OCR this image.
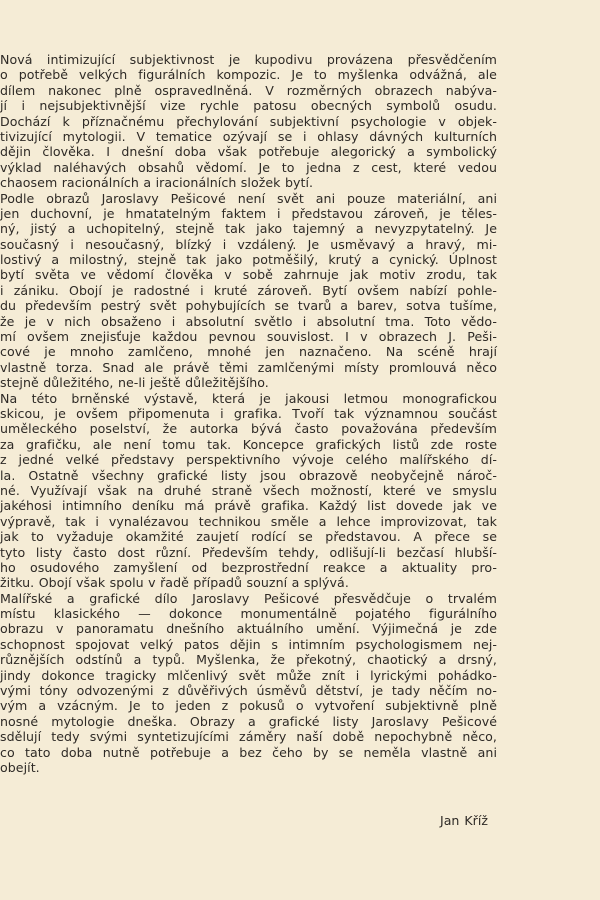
Nová intimizující subjektivnost je kupodivu provázena přesvědčením
o potřebě velkých figurálních kompozic. Je to myšlenka odvážná, ale
dílem nakonec plně ospravedlněná. V rozměrných obrazech nabýva-
jí i nejsubjektivnější vize rychle patosu obecných symbolů osudu.
Dochází k příznačnému přechylování subjektivní psychologie v objek-
tivizující mytologii. V tematice ozývají se i ohlasy dávných kulturních
dějin člověka. I dnešní doba však potřebuje alegorický a symbolický
výklad naléhavých obsahů vědomí. Je to jedna z cest, které vedou
chaosem racionálních a iracionálních složek bytí.
Podle obrazů Jaroslavy Pešicové není svět ani pouze materiální, ani
jen duchovní, je hmatatelným faktem i představou zároveň, je těles-
ný, jistý a uchopitelný, stejně tak jako tajemný a nevyzpytatelný. Je
současný i nesoučasný, blízký i vzdálený. Je usměvavý a hravý, mi-
lostivý a milostný, stejně tak jako potměšilý, krutý a cynický. Úplnost
bytí světa ve vědomí člověka v sobě zahrnuje jak motiv zrodu, tak
i zániku. Obojí je radostné i kruté zároveň. Bytí ovšem nabízí pohle-
du především pestrý svět pohybujících se tvarů a barev, sotva tušíme,
že je v nich obsaženo i absolutní světlo i absolutní tma. Toto vědo-
mí ovšem znejisťuje každou pevnou souvislost. I v obrazech J. Peši-
cové je mnoho zamlčeno, mnohé jen naznačeno. Na scéně hrají
vlastně torza. Snad ale právě těmi zamlčenými místy promlouvá něco
stejně důležitého, ne-li ještě důležitějšího.
Na této brněnské výstavě, která je jakousi letmou monografickou
skicou, je ovšem připomenuta i grafika. Tvoří tak významnou součást
uměleckého poselství, že autorka bývá často považována především
za grafičku, ale není tomu tak. Koncepce grafických listů zde roste
z jedné velké představy perspektivního vývoje celého malířského dí-
la. Ostatně všechny grafické listy jsou obrazově neobyčejně nároč-
né. Využívají však na druhé straně všech možností, které ve smyslu
jakéhosi intimního deníku má právě grafika. Každý list dovede jak ve
výpravě, tak i vynalézavou technikou směle a lehce improvizovat, tak
jak to vyžaduje okamžité zaujetí rodící se představou. A přece se
tyto listy často dost různí. Především tehdy, odlišují-li bezčasí hlubší-
ho osudového zamyšlení od bezprostřední reakce a aktuality pro-
žitku. Obojí však spolu v řadě případů souzní a splývá.
Malířské a grafické dílo Jaroslavy Pešicové přesvědčuje o trvalém
místu klasického — dokonce monumentálně pojatého figurálního
obrazu v panoramatu dnešního aktuálního umění. Výjimečná je zde
schopnost spojovat velký patos dějin s intimním psychologismem nej-
různějších odstínů a typů. Myšlenka, že překotný, chaotický a drsný,
jindy dokonce tragicky mlčenlivý svět může znít i lyrickými pohádko-
vými tóny odvozenými z důvěřivých úsměvů dětství, je tady něčím no-
vým a vzácným. Je to jeden z pokusů o vytvoření subjektivně plně
nosné mytologie dneška. Obrazy a grafické listy Jaroslavy Pešicové
sdělují tedy svými syntetizujícími záměry naší době nepochybně něco,
co tato doba nutně potřebuje a bez čeho by se neměla vlastně ani
obejít.
Jan Kříž
